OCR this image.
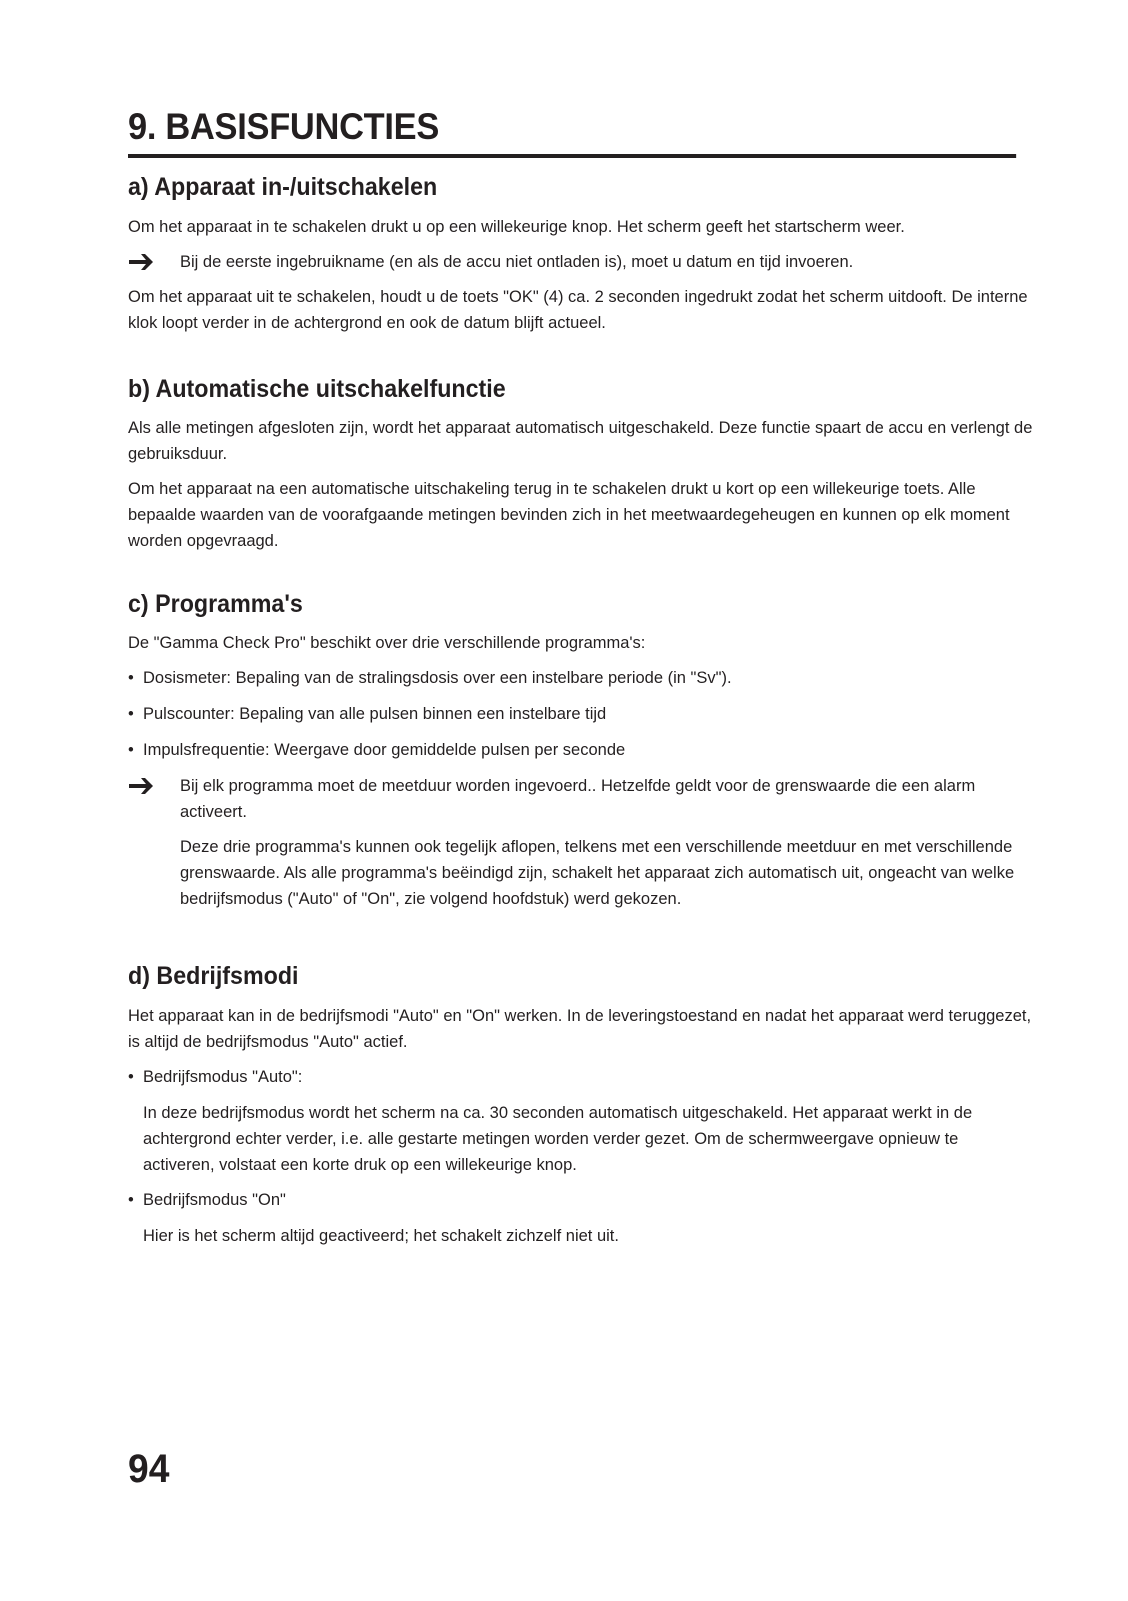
9. BASISFUNCTIES
a) Apparaat in-/uitschakelen

Om het apparaat in te schakelen drukt u op een willekeurige knop. Het scherm geeft het startscherm weer.

Bij de eerste ingebruikname (en als de accu niet ontladen is), moet u datum en tijd invoeren.

Om het apparaat uit te schakelen, houdt u de toets "OK" (4) ca. 2 seconden ingedrukt zodat het scherm uitdooft. De interne klok loopt verder in de achtergrond en ook de datum blijft actueel.

b) Automatische uitschakelfunctie

Als alle metingen afgesloten zijn, wordt het apparaat automatisch uitgeschakeld. Deze functie spaart de accu en verlengt de gebruiksduur.

Om het apparaat na een automatische uitschakeling terug in te schakelen drukt u kort op een willekeurige toets. Alle bepaalde waarden van de voorafgaande metingen bevinden zich in het meetwaardegeheugen en kunnen op elk moment worden opgevraagd.

c) Programma's

De "Gamma Check Pro" beschikt over drie verschillende programma's:

• Dosismeter: Bepaling van de stralingsdosis over een instelbare periode (in "Sv").
• Pulscounter: Bepaling van alle pulsen binnen een instelbare tijd
• Impulsfrequentie: Weergave door gemiddelde pulsen per seconde

Bij elk programma moet de meetduur worden ingevoerd.. Hetzelfde geldt voor de grenswaarde die een alarm activeert.

Deze drie programma's kunnen ook tegelijk aflopen, telkens met een verschillende meetduur en met verschillende grenswaarde. Als alle programma's beëindigd zijn, schakelt het apparaat zich automatisch uit, ongeacht van welke bedrijfsmodus ("Auto" of "On", zie volgend hoofdstuk) werd gekozen.

d) Bedrijfsmodi

Het apparaat kan in de bedrijfsmodi "Auto" en "On" werken. In de leveringstoestand en nadat het apparaat werd teruggezet, is altijd de bedrijfsmodus "Auto" actief.

• Bedrijfsmodus "Auto":

In deze bedrijfsmodus wordt het scherm na ca. 30 seconden automatisch uitgeschakeld. Het apparaat werkt in de achtergrond echter verder, i.e. alle gestarte metingen worden verder gezet. Om de schermweergave opnieuw te activeren, volstaat een korte druk op een willekeurige knop.

• Bedrijfsmodus "On"

Hier is het scherm altijd geactiveerd; het schakelt zichzelf niet uit.

94
